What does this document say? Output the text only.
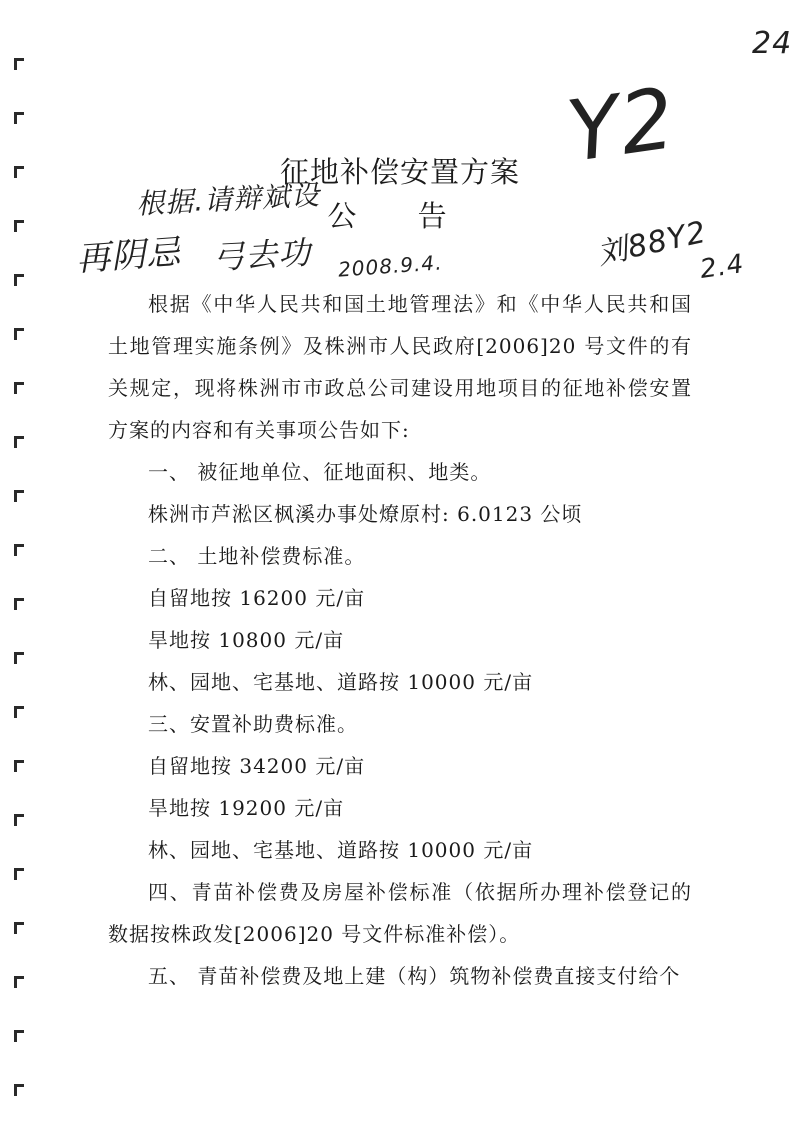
24
Y2
征地补偿安置方案
公 告
根据.请辩斌设
再阴忌 弓去功 2008.9.4.	刘88Y2
2.4

根据《中华人民共和国土地管理法》和《中华人民共和国土地管理实施条例》及株洲市人民政府[2006]20 号文件的有关规定，现将株洲市市政总公司建设用地项目的征地补偿安置方案的内容和有关事项公告如下:

一、 被征地单位、征地面积、地类。

株洲市芦淞区枫溪办事处燎原村: 6.0123 公顷

二、 土地补偿费标准。

自留地按 16200 元/亩

旱地按 10800 元/亩

林、园地、宅基地、道路按 10000 元/亩

三、安置补助费标准。

自留地按 34200 元/亩

旱地按 19200 元/亩

林、园地、宅基地、道路按 10000 元/亩

四、青苗补偿费及房屋补偿标准（依据所办理补偿登记的数据按株政发[2006]20 号文件标准补偿）。

五、 青苗补偿费及地上建（构）筑物补偿费直接支付给个
